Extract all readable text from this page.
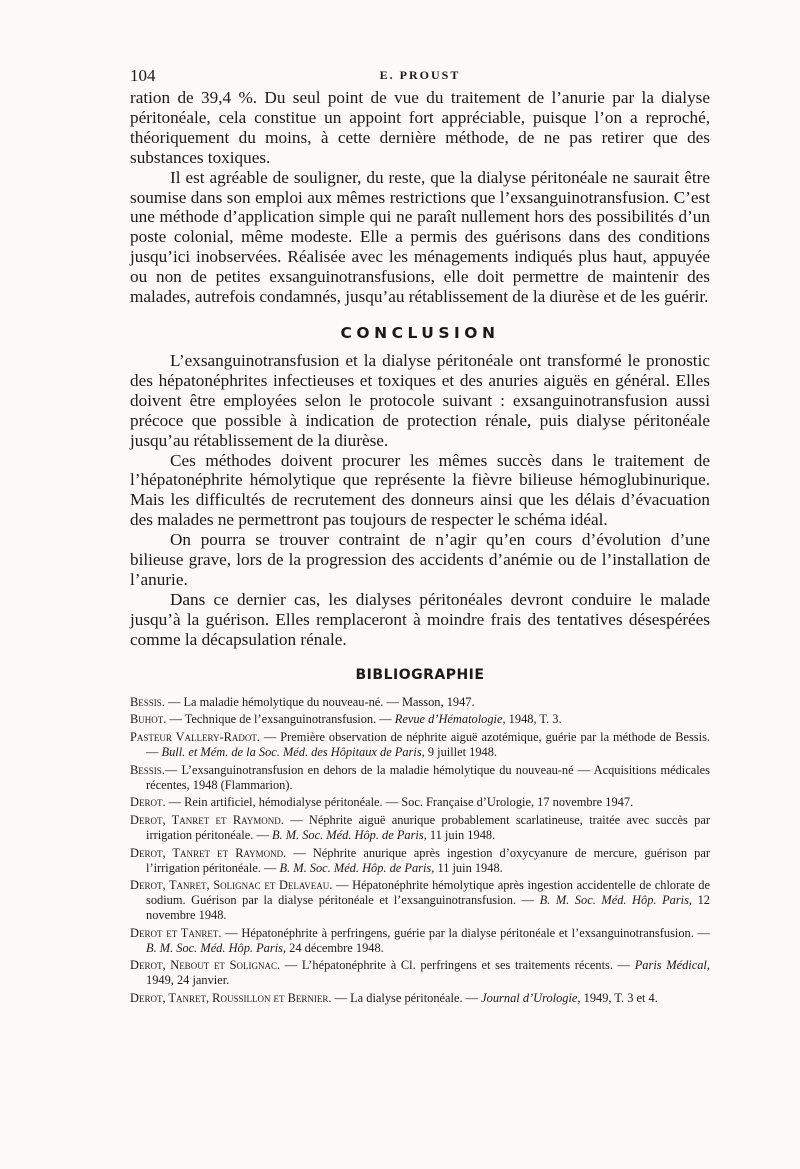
104	E. PROUST

ration de 39,4 %. Du seul point de vue du traitement de l’anurie par la dialyse péritonéale, cela constitue un appoint fort appréciable, puisque l’on a reproché, théoriquement du moins, à cette dernière méthode, de ne pas retirer que des substances toxiques.

Il est agréable de souligner, du reste, que la dialyse péritonéale ne saurait être soumise dans son emploi aux mêmes restrictions que l’exsanguinotransfusion. C’est une méthode d’application simple qui ne paraît nullement hors des possibilités d’un poste colonial, même modeste. Elle a permis des guérisons dans des conditions jusqu’ici inobservées. Réalisée avec les ménagements indiqués plus haut, appuyée ou non de petites exsanguinotransfusions, elle doit permettre de maintenir des malades, autrefois condamnés, jusqu’au rétablissement de la diurèse et de les guérir.

CONCLUSION

L’exsanguinotransfusion et la dialyse péritonéale ont transformé le pronostic des hépatonéphrites infectieuses et toxiques et des anuries aiguës en général. Elles doivent être employées selon le protocole suivant : exsanguinotransfusion aussi précoce que possible à indication de protection rénale, puis dialyse péritonéale jusqu’au rétablissement de la diurèse.

Ces méthodes doivent procurer les mêmes succès dans le traitement de l’hépatonéphrite hémolytique que représente la fièvre bilieuse hémoglubinurique. Mais les difficultés de recrutement des donneurs ainsi que les délais d’évacuation des malades ne permettront pas toujours de respecter le schéma idéal.

On pourra se trouver contraint de n’agir qu’en cours d’évolution d’une bilieuse grave, lors de la progression des accidents d’anémie ou de l’installation de l’anurie.

Dans ce dernier cas, les dialyses péritonéales devront conduire le malade jusqu’à la guérison. Elles remplaceront à moindre frais des tentatives désespérées comme la décapsulation rénale.

BIBLIOGRAPHIE

Bessis. — La maladie hémolytique du nouveau-né. — Masson, 1947.

Buhot. — Technique de l’exsanguinotransfusion. — Revue d’Hématologie, 1948, T. 3.

Pasteur Vallery-Radot. — Première observation de néphrite aiguë azotémique, guérie par la méthode de Bessis. — Bull. et Mém. de la Soc. Méd. des Hôpitaux de Paris, 9 juillet 1948.

Bessis.— L’exsanguinotransfusion en dehors de la maladie hémolytique du nouveau-né — Acquisitions médicales récentes, 1948 (Flammarion).

Derot. — Rein artificiel, hémodialyse péritonéale. — Soc. Française d’Urologie, 17 novembre 1947.

Derot, Tanret et Raymond. — Néphrite aiguë anurique probablement scarlatineuse, traitée avec succès par irrigation péritonéale. — B. M. Soc. Méd. Hôp. de Paris, 11 juin 1948.

Derot, Tanret et Raymond. — Néphrite anurique après ingestion d’oxycyanure de mercure, guérison par l’irrigation péritonéale. — B. M. Soc. Méd. Hôp. de Paris, 11 juin 1948.

Derot, Tanret, Solignac et Delaveau. — Hépatonéphrite hémolytique après ingestion accidentelle de chlorate de sodium. Guérison par la dialyse péritonéale et l’exsanguinotransfusion. — B. M. Soc. Méd. Hôp. Paris, 12 novembre 1948.

Derot et Tanret. — Hépatonéphrite à perfringens, guérie par la dialyse péritonéale et l’exsanguinotransfusion. — B. M. Soc. Méd. Hôp. Paris, 24 décembre 1948.

Derot, Nebout et Solignac. — L’hépatonéphrite à Cl. perfringens et ses traitements récents. — Paris Médical, 1949, 24 janvier.

Derot, Tanret, Roussillon et Bernier. — La dialyse péritonéale. — Journal d’Urologie, 1949, T. 3 et 4.
